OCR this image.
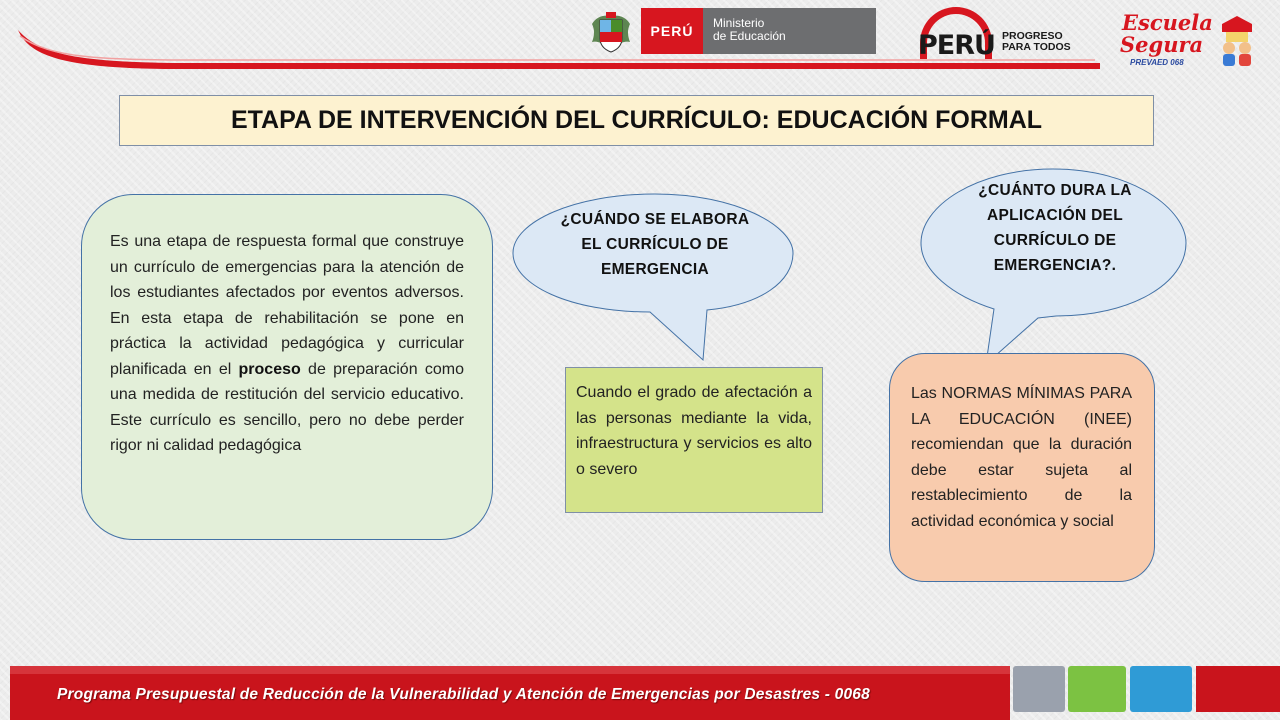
PERÚ	Ministerio
de Educación	PERÚ PROGRESO
PARA TODOS
Escuela
Segura
PREVAED 068
ETAPA DE INTERVENCIÓN DEL CURRÍCULO: EDUCACIÓN FORMAL
Es una etapa de respuesta formal que construye un currículo de emergencias para la atención de los estudiantes afectados por eventos adversos. En esta etapa de rehabilitación se pone en práctica la actividad pedagógica y curricular planificada en el proceso de preparación como una medida de restitución del servicio educativo. Este currículo es sencillo, pero no debe perder rigor ni calidad pedagógica
¿CUÁNDO SE ELABORA EL CURRÍCULO DE EMERGENCIA
Cuando el grado de afectación a las personas mediante la vida, infraestructura y servicios es alto o severo
¿CUÁNTO DURA LA APLICACIÓN DEL CURRÍCULO DE EMERGENCIA?.
Las NORMAS MÍNIMAS PARA LA EDUCACIÓN (INEE) recomiendan que la duración debe estar sujeta al restablecimiento de la actividad económica y social
Programa Presupuestal de Reducción de la Vulnerabilidad y Atención de Emergencias por Desastres - 0068
